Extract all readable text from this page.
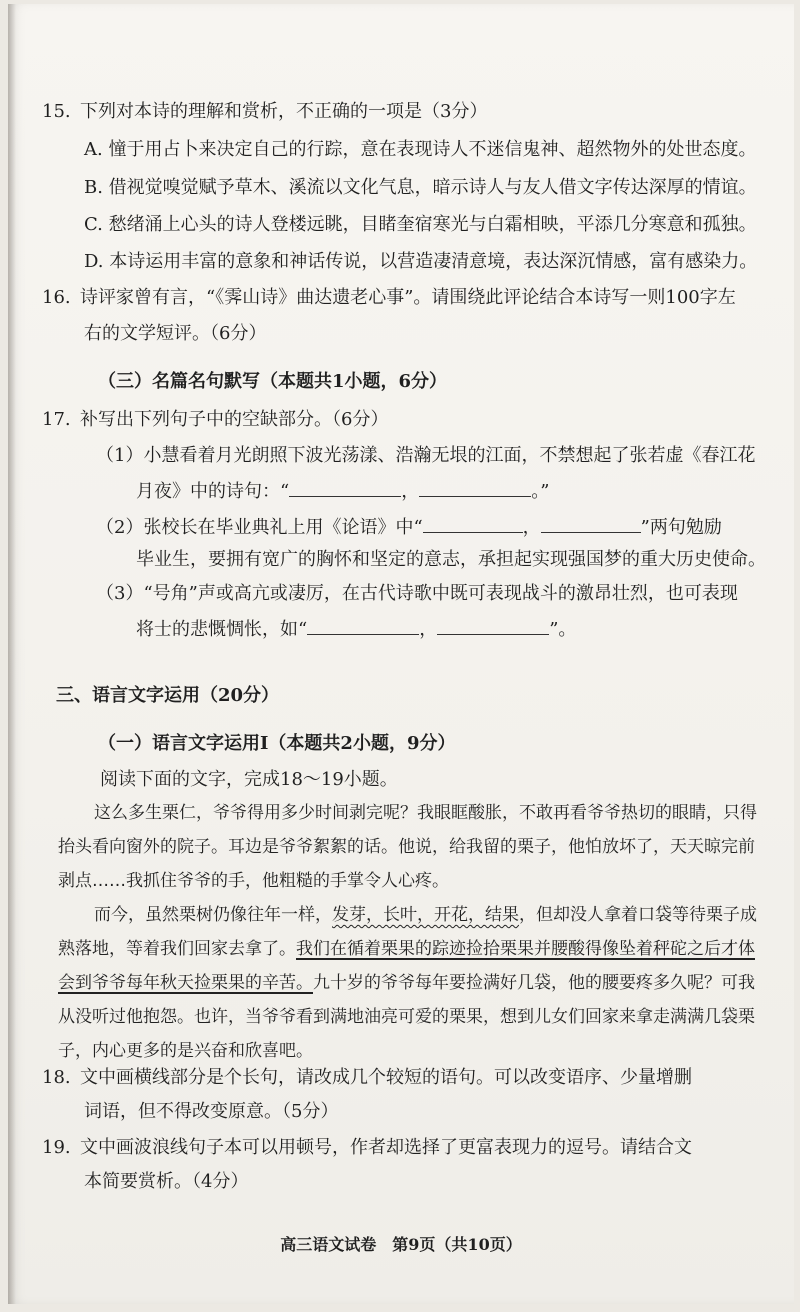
15. 下列对本诗的理解和赏析，不正确的一项是（3分）
A. 憧于用占卜来决定自己的行踪，意在表现诗人不迷信鬼神、超然物外的处世态度。
B. 借视觉嗅觉赋予草木、溪流以文化气息，暗示诗人与友人借文字传达深厚的情谊。
C. 愁绪涌上心头的诗人登楼远眺，目睹奎宿寒光与白霜相映，平添几分寒意和孤独。
D. 本诗运用丰富的意象和神话传说，以营造凄清意境，表达深沉情感，富有感染力。
16. 诗评家曾有言，“《霁山诗》曲达遗老心事”。请围绕此评论结合本诗写一则100字左
右的文学短评。（6分）
（三）名篇名句默写（本题共1小题，6分）
17. 补写出下列句子中的空缺部分。（6分）
（1）小慧看着月光朗照下波光荡漾、浩瀚无垠的江面，不禁想起了张若虚《春江花
月夜》中的诗句：“	，	。”
（2）张校长在毕业典礼上用《论语》中“	，	”两句勉励
毕业生，要拥有宽广的胸怀和坚定的意志，承担起实现强国梦的重大历史使命。
（3）“号角”声或高亢或凄厉，在古代诗歌中既可表现战斗的激昂壮烈，也可表现
将士的悲慨惆怅，如“	，	”。
三、语言文字运用（20分）
（一）语言文字运用Ⅰ（本题共2小题，9分）
阅读下面的文字，完成18～19小题。
这么多生栗仁，爷爷得用多少时间剥完呢？我眼眶酸胀，不敢再看爷爷热切的眼睛，只得抬头看向窗外的院子。耳边是爷爷絮絮的话。他说，给我留的栗子，他怕放坏了，天天晾完前剥点……我抓住爷爷的手，他粗糙的手掌令人心疼。
而今，虽然栗树仍像往年一样，发芽，长叶，开花，结果，但却没人拿着口袋等待栗子成熟落地，等着我们回家去拿了。我们在循着栗果的踪迹捡拾栗果并腰酸得像坠着秤砣之后才体会到爷爷每年秋天捡栗果的辛苦。九十岁的爷爷每年要捡满好几袋，他的腰要疼多久呢？可我从没听过他抱怨。也许，当爷爷看到满地油亮可爱的栗果，想到儿女们回家来拿走满满几袋栗子，内心更多的是兴奋和欣喜吧。
18. 文中画横线部分是个长句，请改成几个较短的语句。可以改变语序、少量增删
词语，但不得改变原意。（5分）
19. 文中画波浪线句子本可以用顿号，作者却选择了更富表现力的逗号。请结合文
本简要赏析。（4分）
高三语文试卷　第9页（共10页）
